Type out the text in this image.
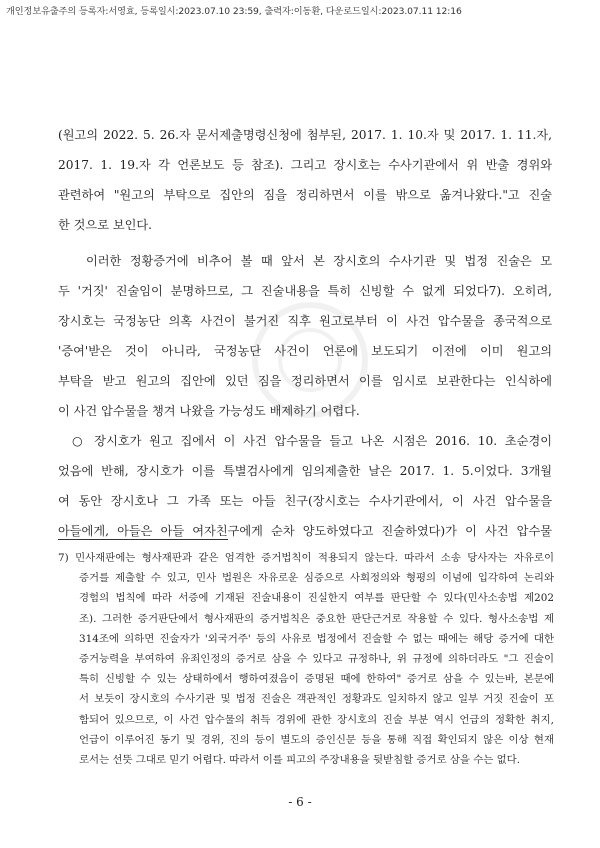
개인정보유출주의 등록자:서영효, 등록일시:2023.07.10 23:59, 출력자:이동환, 다운로드일시:2023.07.11 12:16
(원고의 2022. 5. 26.자 문서제출명령신청에 첨부된, 2017. 1. 10.자 및 2017. 1. 11.자,
2017. 1. 19.자 각 언론보도 등 참조). 그리고 장시호는 수사기관에서 위 반출 경위와
관련하여 "원고의 부탁으로 집안의 짐을 정리하면서 이를 밖으로 옮겨나왔다."고 진술
한 것으로 보인다.
이러한 정황증거에 비추어 볼 때 앞서 본 장시호의 수사기관 및 법정 진술은 모
두 '거짓' 진술임이 분명하므로, 그 진술내용을 특히 신빙할 수 없게 되었다7). 오히려,
장시호는 국정농단 의혹 사건이 불거진 직후 원고로부터 이 사건 압수물을 종국적으로
'증여'받은 것이 아니라, 국정농단 사건이 언론에 보도되기 이전에 이미 원고의
부탁을 받고 원고의 집안에 있던 짐을 정리하면서 이를 임시로 보관한다는 인식하에
이 사건 압수물을 챙겨 나왔을 가능성도 배제하기 어렵다.
○ 장시호가 원고 집에서 이 사건 압수물을 들고 나온 시점은 2016. 10. 초순경이
었음에 반해, 장시호가 이를 특별검사에게 임의제출한 날은 2017. 1. 5.이었다. 3개월
여 동안 장시호나 그 가족 또는 아들 친구(장시호는 수사기관에서, 이 사건 압수물을
아들에게, 아들은 아들 여자친구에게 순차 양도하였다고 진술하였다)가 이 사건 압수물
7) 민사재판에는 형사재판과 같은 엄격한 증거법칙이 적용되지 않는다. 따라서 소송 당사자는 자유로이
증거를 제출할 수 있고, 민사 법원은 자유로운 심증으로 사회정의와 형평의 이념에 입각하여 논리와
경험의 법칙에 따라 서증에 기재된 진술내용이 진실한지 여부를 판단할 수 있다(민사소송법 제202
조). 그러한 증거판단에서 형사재판의 증거법칙은 중요한 판단근거로 작용할 수 있다. 형사소송법 제
314조에 의하면 진술자가 '외국거주' 등의 사유로 법정에서 진술할 수 없는 때에는 해당 증거에 대한
증거능력을 부여하여 유죄인정의 증거로 삼을 수 있다고 규정하나, 위 규정에 의하더라도 "그 진술이
특히 신빙할 수 있는 상태하에서 행하여졌음이 증명된 때에 한하여" 증거로 삼을 수 있는바, 본문에
서 보듯이 장시호의 수사기관 및 법정 진술은 객관적인 정황과도 일치하지 않고 일부 거짓 진술이 포
함되어 있으므로, 이 사건 압수물의 취득 경위에 관한 장시호의 진술 부분 역시 언급의 정확한 취지,
언급이 이루어진 동기 및 경위, 진의 등이 별도의 증인신문 등을 통해 직접 확인되지 않은 이상 현재
로서는 선뜻 그대로 믿기 어렵다. 따라서 이를 피고의 주장내용을 뒷받침할 증거로 삼을 수는 없다.
- 6 -
